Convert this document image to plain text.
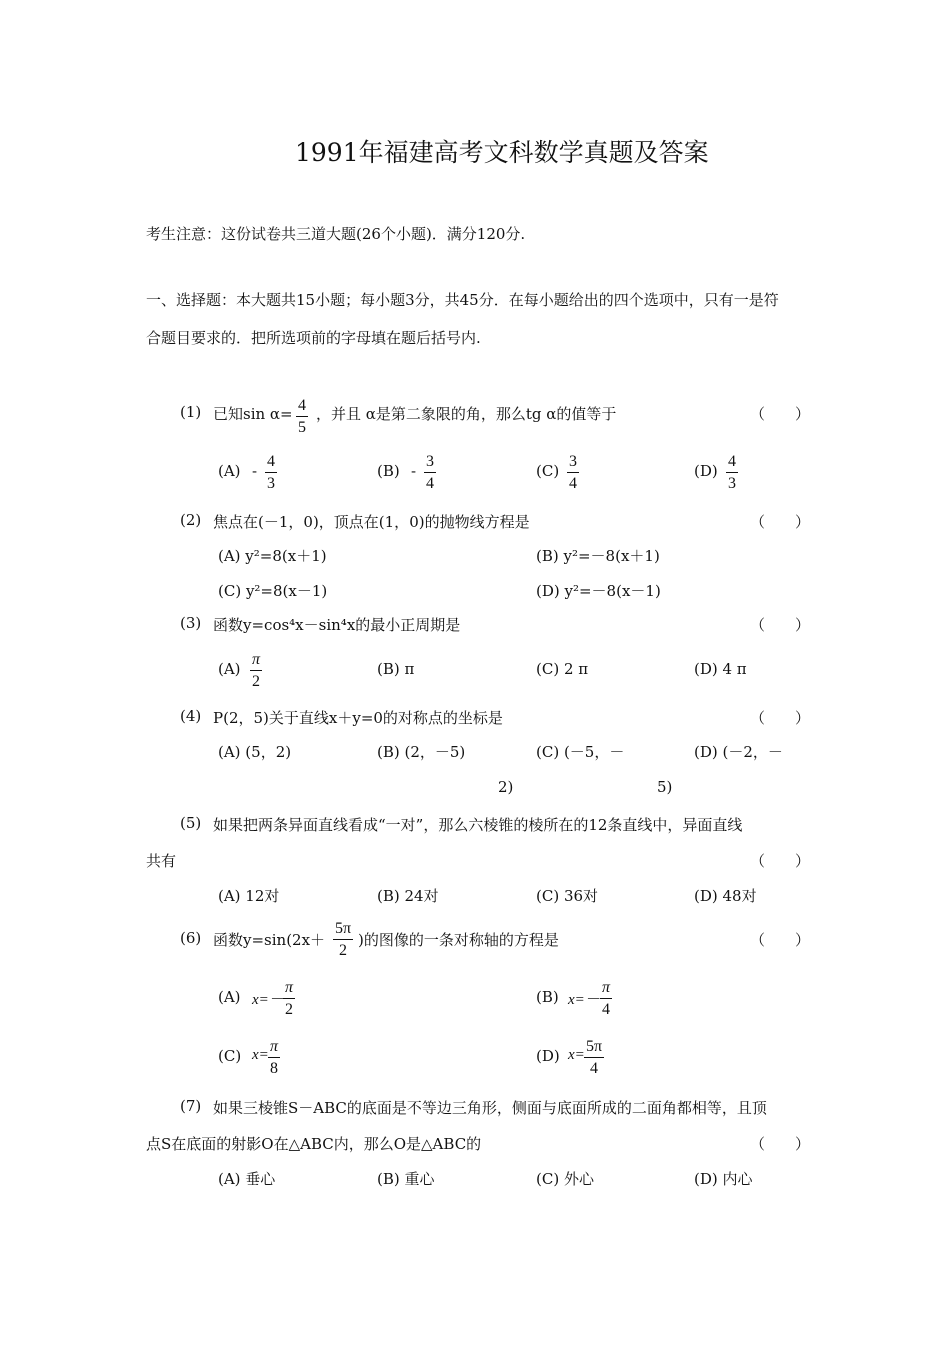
1991年福建高考文科数学真题及答案
考生注意：这份试卷共三道大题(26个小题)．满分120分.
一、选择题：本大题共15小题；每小题3分，共45分．在每小题给出的四个选项中，只有一是符
合题目要求的．把所选项前的字母填在题后括号内.
(1) 已知sin α= 4
5
，并且 α是第二象限的角，那么tg α的值等于	（　　）
(A) -
4
3
(B) -
3
4
(C)
3
4
(D)
4
3
(2) 焦点在(－1，0)，顶点在(1，0)的抛物线方程是	（　　）
(A) y²=8(x＋1)	(B) y²=－8(x＋1)
(C) y²=8(x－1)	(D) y²=－8(x－1)
(3) 函数y=cos⁴x－sin⁴x的最小正周期是	（　　）
(A)
π
2
(B) π	(C) 2 π	(D) 4 π
(4) P(2，5)关于直线x＋y=0的对称点的坐标是	（　　）
(A) (5，2)	(B) (2，－5)	(C) (－5，－	(D) (－2，－
2)	5)
(5) 如果把两条异面直线看成“一对”，那么六棱锥的棱所在的12条直线中，异面直线
共有	（　　）
(A) 12对	(B) 24对	(C) 36对	(D) 48对
(6) 函数y=sin(2x＋
5π
2
)的图像的一条对称轴的方程是	（　　）
(A) x=－
π
2
(B) x=－
π
4
(C) x= π
8
(D) x= 5π
4
(7) 如果三棱锥S－ABC的底面是不等边三角形，侧面与底面所成的二面角都相等，且顶
点S在底面的射影O在△ABC内，那么O是△ABC的	（　　）
(A) 垂心	(B) 重心	(C) 外心	(D) 内心
